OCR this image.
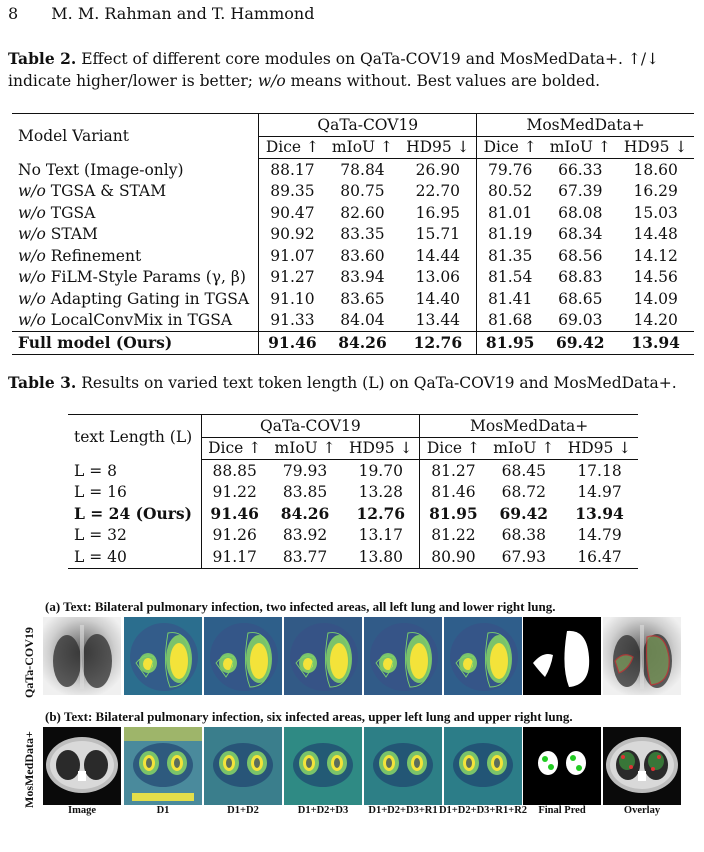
8 M. M. Rahman and T. Hammond
Table 2. Effect of different core modules on QaTa-COV19 and MosMedData+. ↑/↓
indicate higher/lower is better; w/o means without. Best values are bolded.
Model Variant	QaTa-COV19			MosMedData+		
	Dice ↑	mIoU ↑	HD95 ↓	Dice ↑	mIoU ↑	HD95 ↓
No Text (Image-only)	88.17	78.84	26.90	79.76	66.33	18.60
w/o TGSA & STAM	89.35	80.75	22.70	80.52	67.39	16.29
w/o TGSA	90.47	82.60	16.95	81.01	68.08	15.03
w/o STAM	90.92	83.35	15.71	81.19	68.34	14.48
w/o Refinement	91.07	83.60	14.44	81.35	68.56	14.12
w/o FiLM-Style Params (γ, β)	91.27	83.94	13.06	81.54	68.83	14.56
w/o Adapting Gating in TGSA	91.10	83.65	14.40	81.41	68.65	14.09
w/o LocalConvMix in TGSA	91.33	84.04	13.44	81.68	69.03	14.20
Full model (Ours)	91.46	84.26	12.76	81.95	69.42	13.94
Table 3. Results on varied text token length (L) on QaTa-COV19 and MosMedData+.
text Length (L)	QaTa-COV19			MosMedData+		
	Dice ↑	mIoU ↑	HD95 ↓	Dice ↑	mIoU ↑	HD95 ↓
L = 8	88.85	79.93	19.70	81.27	68.45	17.18
L = 16	91.22	83.85	13.28	81.46	68.72	14.97
L = 24 (Ours)	91.46	84.26	12.76	81.95	69.42	13.94
L = 32	91.26	83.92	13.17	81.22	68.38	14.79
L = 40	91.17	83.77	13.80	80.90	67.93	16.47
(a) Text: Bilateral pulmonary infection, two infected areas, all left lung and lower right lung.
(b) Text: Bilateral pulmonary infection, six infected areas, upper left lung and upper right lung.
QaTa-COV19
MosMedData+
Image	D1	D1+D2	D1+D2+D3	D1+D2+D3+R1 D1+D2+D3+R1+R2	Final Pred	Overlay
